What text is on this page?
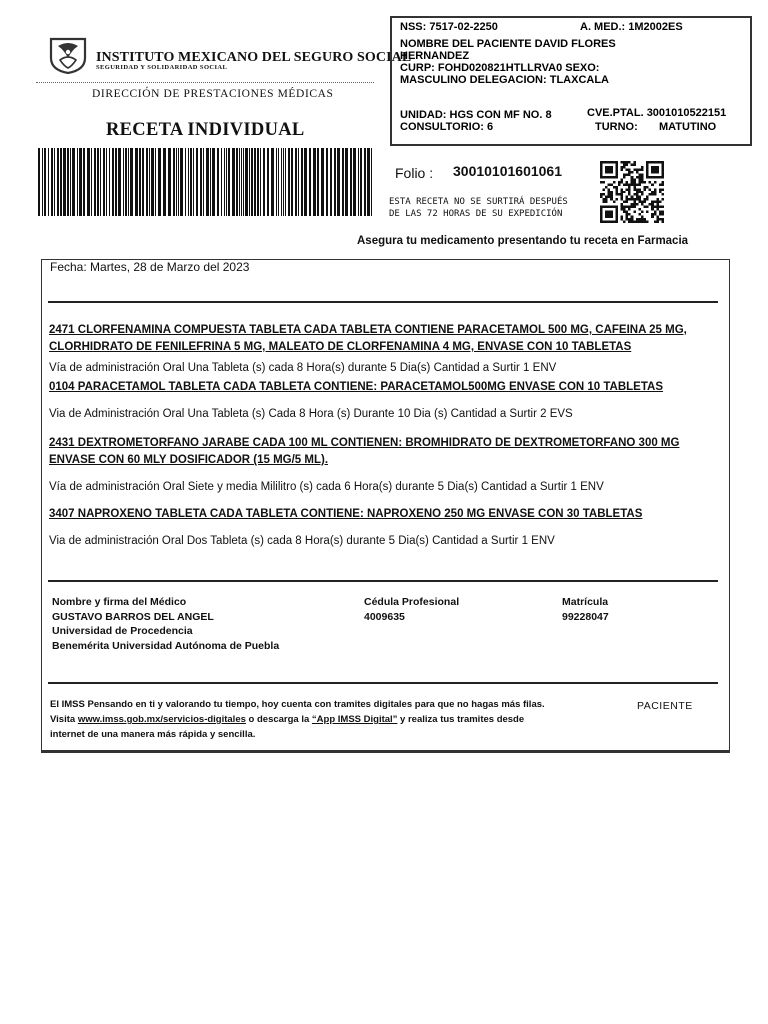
INSTITUTO MEXICANO DEL SEGURO SOCIAL
SEGURIDAD Y SOLIDARIDAD SOCIAL
DIRECCIÓN DE PRESTACIONES MÉDICAS
RECETA INDIVIDUAL
NSS: 7517-02-2250	A. MED.: 1M2002ES
NOMBRE DEL PACIENTE DAVID FLORES
HERNANDEZ
CURP: FOHD020821HTLLRVA0 SEXO:
MASCULINO DELEGACION: TLAXCALA
UNIDAD: HGS CON MF NO. 8
CONSULTORIO: 6
CVE.PTAL. 3001010522151
TURNO: MATUTINO
Folio : 30010101601061
ESTA RECETA NO SE SURTIRÁ DESPUÉS
DE LAS 72 HORAS DE SU EXPEDICIÓN
Asegura tu medicamento presentando tu receta en Farmacia
Fecha: Martes, 28 de Marzo del 2023
2471 CLORFENAMINA COMPUESTA TABLETA CADA TABLETA CONTIENE PARACETAMOL 500 MG, CAFEINA 25 MG,
CLORHIDRATO DE FENILEFRINA 5 MG, MALEATO DE CLORFENAMINA 4 MG, ENVASE CON 10 TABLETAS
Vía de administración Oral Una Tableta (s) cada 8 Hora(s) durante 5 Dia(s) Cantidad a Surtir 1 ENV
0104 PARACETAMOL TABLETA CADA TABLETA CONTIENE: PARACETAMOL500MG ENVASE CON 10 TABLETAS
Via de Administración Oral Una Tableta (s) Cada 8 Hora (s) Durante 10 Dia (s) Cantidad a Surtir 2 EVS
2431 DEXTROMETORFANO JARABE CADA 100 ML CONTIENEN: BROMHIDRATO DE DEXTROMETORFANO 300 MG
ENVASE CON 60 MLY DOSIFICADOR (15 MG/5 ML).
Vía de administración Oral Siete y media Mililitro (s) cada 6 Hora(s) durante 5 Dia(s) Cantidad a Surtir 1 ENV
3407 NAPROXENO TABLETA CADA TABLETA CONTIENE: NAPROXENO 250 MG ENVASE CON 30 TABLETAS
Via de administración Oral Dos Tableta (s) cada 8 Hora(s) durante 5 Dia(s) Cantidad a Surtir 1 ENV
Nombre y firma del Médico
GUSTAVO BARROS DEL ANGEL
Universidad de Procedencia
Benemérita Universidad Autónoma de Puebla
Cédula Profesional
4009635
Matrícula
99228047
El IMSS Pensando en ti y valorando tu tiempo, hoy cuenta con tramites digitales para que no hagas más filas.
Visita www.imss.gob.mx/servicios-digitales o descarga la “App IMSS Digital” y realiza tus tramites desde
internet de una manera más rápida y sencilla.
PACIENTE
